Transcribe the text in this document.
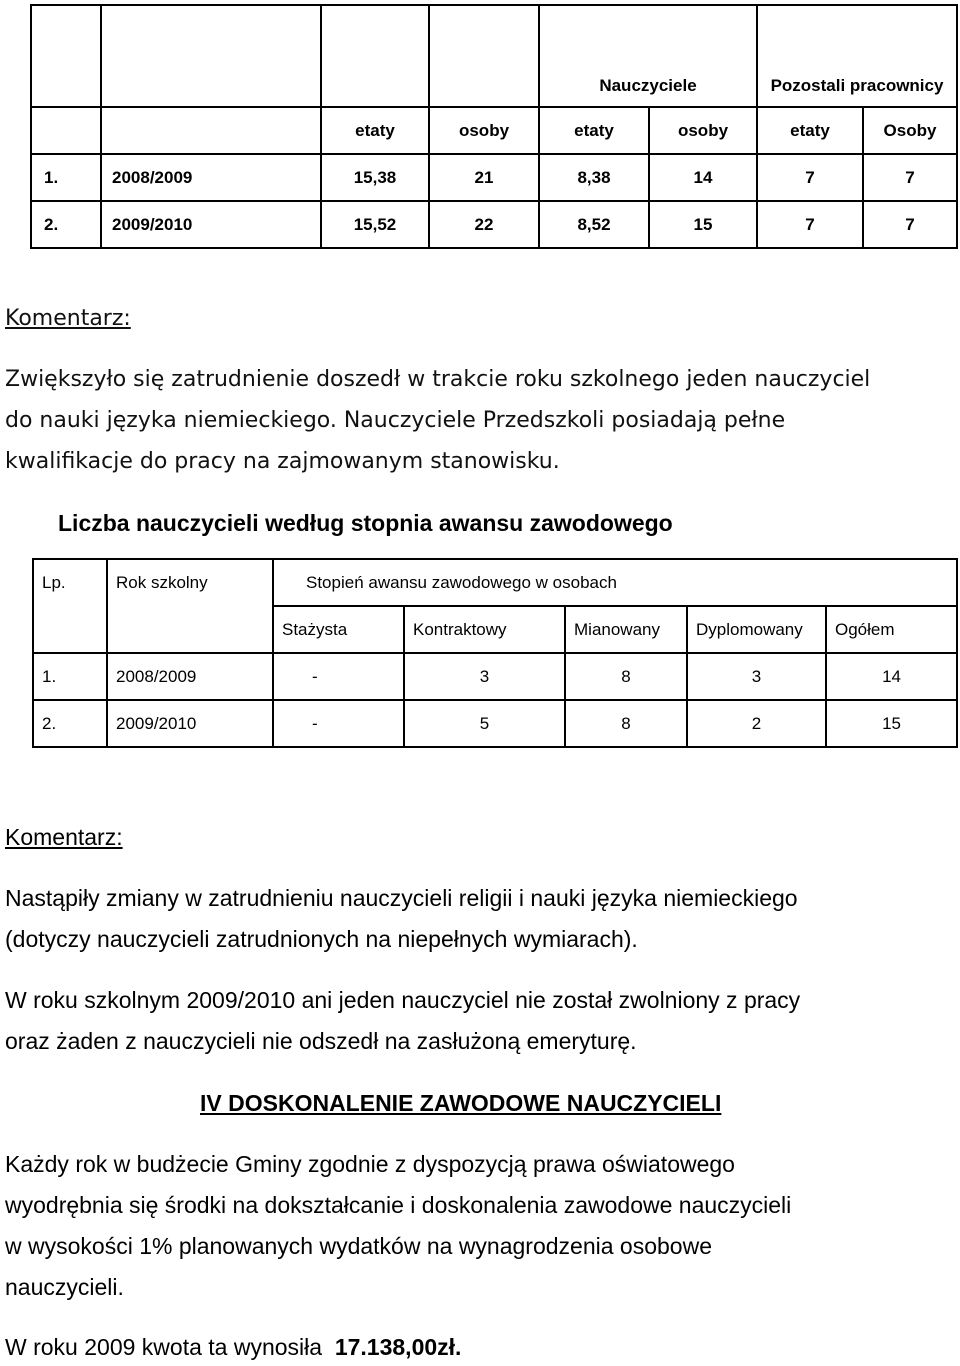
				Nauczyciele		Pozostali pracownicy	
		etaty	osoby	etaty	osoby	etaty	Osoby
1.	2008/2009	15,38	21	8,38	14	7	7
2.	2009/2010	15,52	22	8,52	15	7	7
Komentarz:
Zwiększyło się zatrudnienie doszedł w trakcie roku szkolnego jeden nauczyciel
do nauki języka niemieckiego. Nauczyciele Przedszkoli posiadają pełne
kwalifikacje do pracy na zajmowanym stanowisku.
Liczba nauczycieli według stopnia awansu zawodowego
Lp.	Rok szkolny	Stopień awansu zawodowego w osobach				
		Stażysta	Kontraktowy	Mianowany	Dyplomowany	Ogółem
1.	2008/2009	-	3	8	3	14
2.	2009/2010	-	5	8	2	15
Komentarz:
Nastąpiły zmiany w zatrudnieniu nauczycieli religii i nauki języka niemieckiego
(dotyczy nauczycieli zatrudnionych na niepełnych wymiarach).
W roku szkolnym 2009/2010 ani jeden nauczyciel nie został zwolniony z pracy
oraz żaden z nauczycieli nie odszedł na zasłużoną emeryturę.
IV DOSKONALENIE ZAWODOWE NAUCZYCIELI
Każdy rok w budżecie Gminy zgodnie z dyspozycją prawa oświatowego
wyodrębnia się środki na dokształcanie i doskonalenia zawodowe nauczycieli
w wysokości 1% planowanych wydatków na wynagrodzenia osobowe
nauczycieli.
W roku 2009 kwota ta wynosiła  17.138,00zł.
